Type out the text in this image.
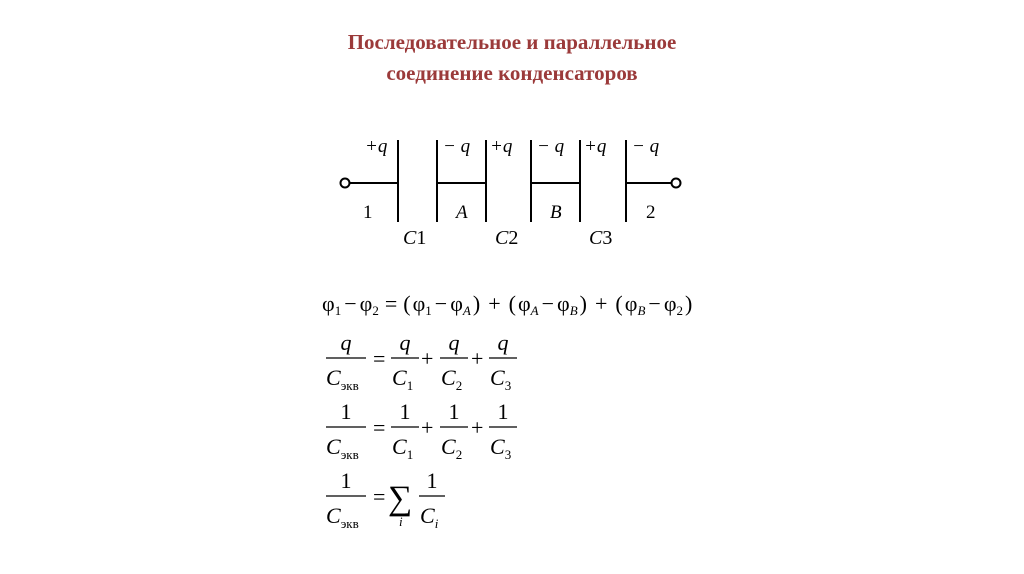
Последовательное и параллельное
соединение конденсаторов
+q	− q +q − q +q − q
1	A	B	2
C1	C2	C3
φ1 − φ2 = (φ1 − φA) + (φA − φB) + (φB − φ2)
q
$C_{экв}$
=
q
$C_1$
+
q
$C_2$
+
q
$C_3$
1
$C_{экв}$
=
1
$C_1$
+
1
$C_2$
+
1
$C_3$
1
$C_{экв}$
= ∑
i
1
$C_i$
